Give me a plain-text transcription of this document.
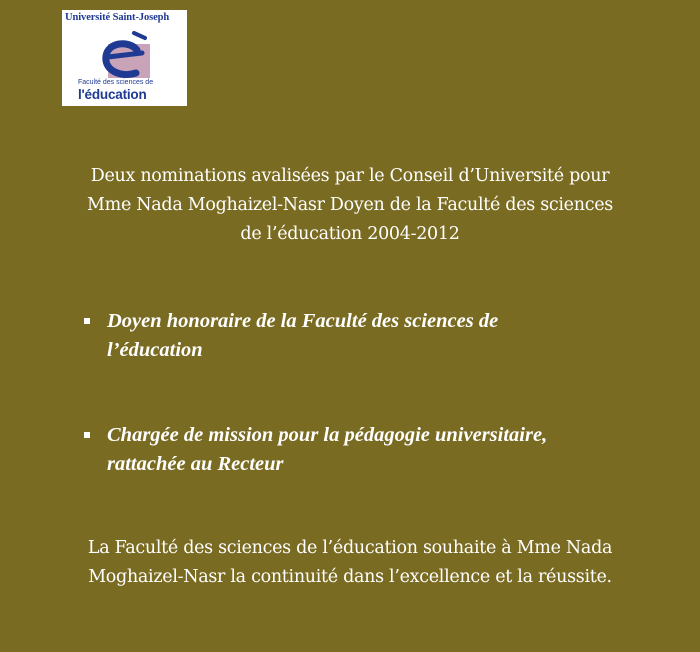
Université Saint-Joseph
Faculté des sciences de
l'éducation
Deux nominations avalisées par le Conseil d’Université pour
Mme Nada Moghaizel-Nasr Doyen de la Faculté des sciences
de l’éducation 2004-2012
Doyen honoraire de la Faculté des sciences de
l’éducation
Chargée de mission pour la pédagogie universitaire,
rattachée au Recteur
La Faculté des sciences de l’éducation souhaite à Mme Nada
Moghaizel-Nasr la continuité dans l’excellence et la réussite.
